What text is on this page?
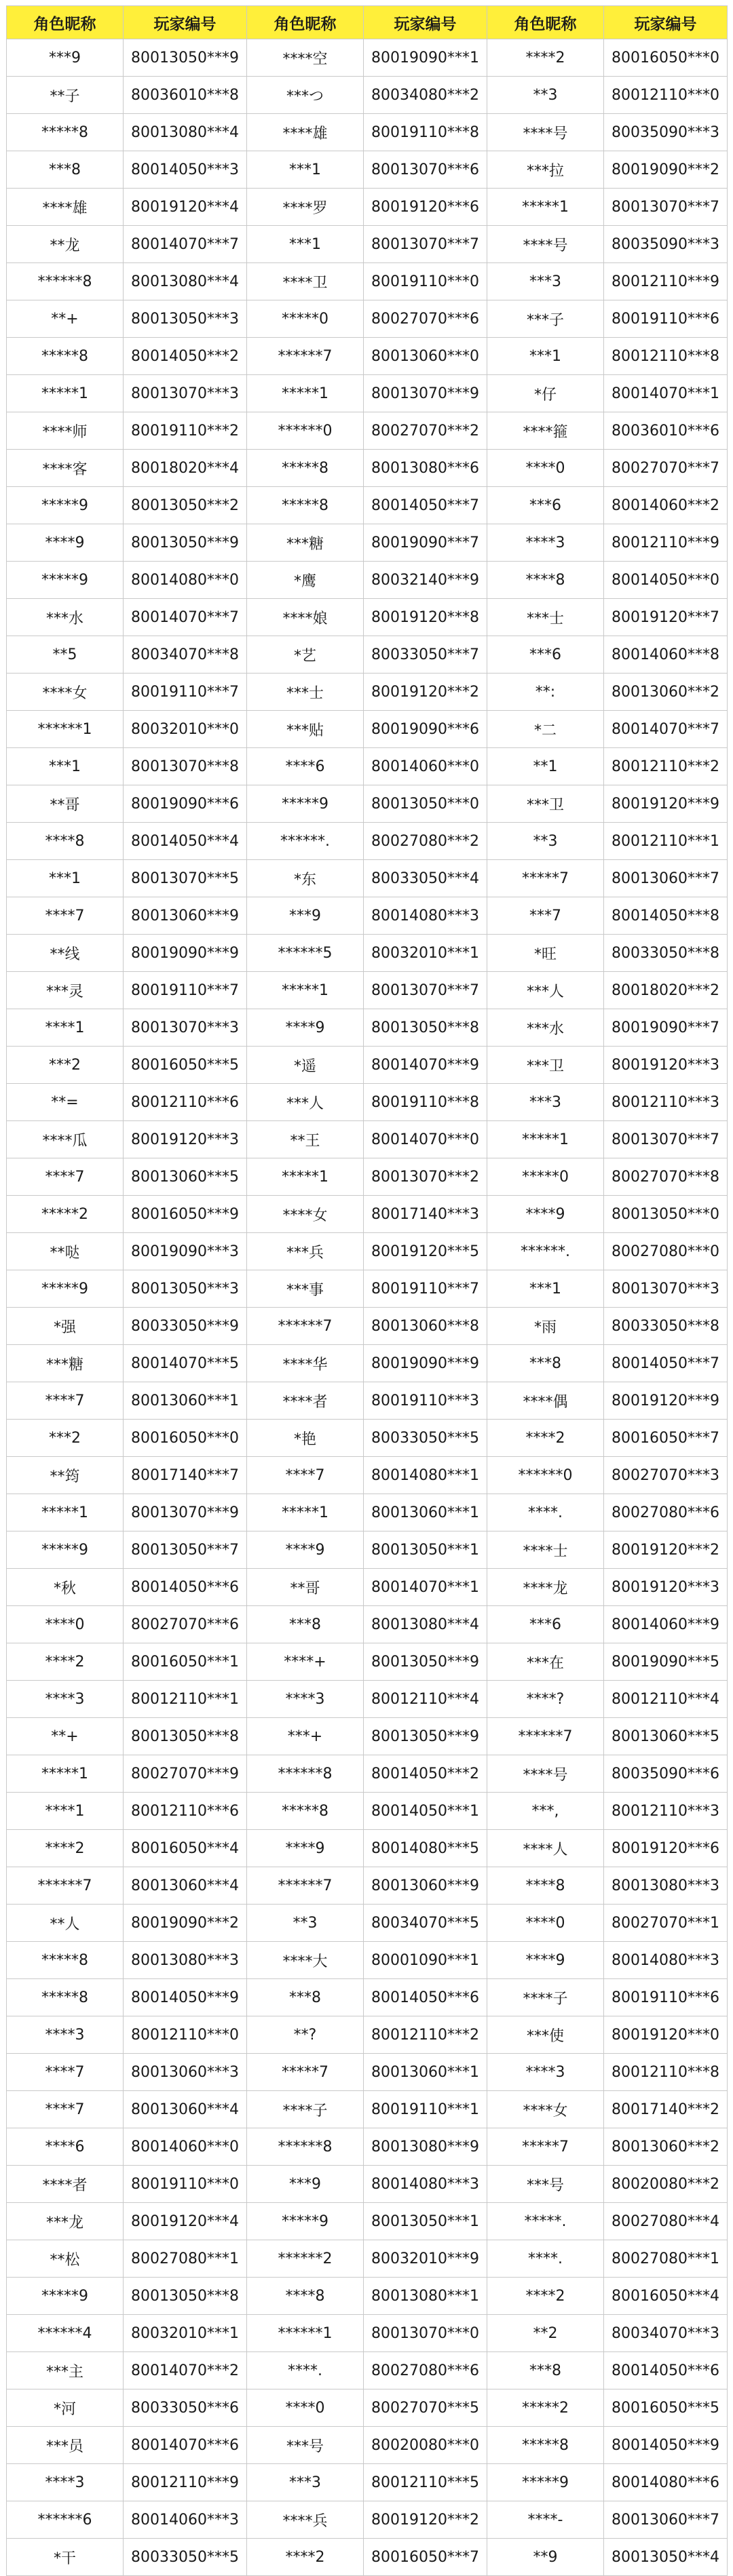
角色昵称	玩家编号	角色昵称	玩家编号	角色昵称	玩家编号
***9	80013050***9	****空	80019090***1	****2	80016050***0
**子	80036010***8	***つ	80034080***2	**3	80012110***0
*****8	80013080***4	****雄	80019110***8	****号	80035090***3
***8	80014050***3	***1	80013070***6	***拉	80019090***2
****雄	80019120***4	****罗	80019120***6	*****1	80013070***7
**龙	80014070***7	***1	80013070***7	****号	80035090***3
******8	80013080***4	****卫	80019110***0	***3	80012110***9
**+	80013050***3	*****0	80027070***6	***子	80019110***6
*****8	80014050***2	******7	80013060***0	***1	80012110***8
*****1	80013070***3	*****1	80013070***9	*仔	80014070***1
****师	80019110***2	******0	80027070***2	****箍	80036010***6
****客	80018020***4	*****8	80013080***6	****0	80027070***7
*****9	80013050***2	*****8	80014050***7	***6	80014060***2
****9	80013050***9	***糖	80019090***7	****3	80012110***9
*****9	80014080***0	*鹰	80032140***9	****8	80014050***0
***水	80014070***7	****娘	80019120***8	***士	80019120***7
**5	80034070***8	*艺	80033050***7	***6	80014060***8
****女	80019110***7	***士	80019120***2	**:	80013060***2
******1	80032010***0	***贴	80019090***6	*二	80014070***7
***1	80013070***8	****6	80014060***0	**1	80012110***2
**哥	80019090***6	*****9	80013050***0	***卫	80019120***9
****8	80014050***4	******.	80027080***2	**3	80012110***1
***1	80013070***5	*东	80033050***4	*****7	80013060***7
****7	80013060***9	***9	80014080***3	***7	80014050***8
**线	80019090***9	******5	80032010***1	*旺	80033050***8
***灵	80019110***7	*****1	80013070***7	***人	80018020***2
****1	80013070***3	****9	80013050***8	***水	80019090***7
***2	80016050***5	*遥	80014070***9	***卫	80019120***3
**=	80012110***6	***人	80019110***8	***3	80012110***3
****瓜	80019120***3	**王	80014070***0	*****1	80013070***7
****7	80013060***5	*****1	80013070***2	*****0	80027070***8
*****2	80016050***9	****女	80017140***3	****9	80013050***0
**哒	80019090***3	***兵	80019120***5	******.	80027080***0
*****9	80013050***3	***事	80019110***7	***1	80013070***3
*强	80033050***9	******7	80013060***8	*雨	80033050***8
***糖	80014070***5	****华	80019090***9	***8	80014050***7
****7	80013060***1	****者	80019110***3	****偶	80019120***9
***2	80016050***0	*艳	80033050***5	****2	80016050***7
**筠	80017140***7	****7	80014080***1	******0	80027070***3
*****1	80013070***9	*****1	80013060***1	****.	80027080***6
*****9	80013050***7	****9	80013050***1	****士	80019120***2
*秋	80014050***6	**哥	80014070***1	****龙	80019120***3
****0	80027070***6	***8	80013080***4	***6	80014060***9
****2	80016050***1	****+	80013050***9	***在	80019090***5
****3	80012110***1	****3	80012110***4	****?	80012110***4
**+	80013050***8	***+	80013050***9	******7	80013060***5
*****1	80027070***9	******8	80014050***2	****号	80035090***6
****1	80012110***6	*****8	80014050***1	***,	80012110***3
****2	80016050***4	****9	80014080***5	****人	80019120***6
******7	80013060***4	******7	80013060***9	****8	80013080***3
**人	80019090***2	**3	80034070***5	****0	80027070***1
*****8	80013080***3	****大	80001090***1	****9	80014080***3
*****8	80014050***9	***8	80014050***6	****子	80019110***6
****3	80012110***0	**?	80012110***2	***使	80019120***0
****7	80013060***3	*****7	80013060***1	****3	80012110***8
****7	80013060***4	****子	80019110***1	****女	80017140***2
****6	80014060***0	******8	80013080***9	*****7	80013060***2
****者	80019110***0	***9	80014080***3	***号	80020080***2
***龙	80019120***4	*****9	80013050***1	*****.	80027080***4
**松	80027080***1	******2	80032010***9	****.	80027080***1
*****9	80013050***8	****8	80013080***1	****2	80016050***4
******4	80032010***1	******1	80013070***0	**2	80034070***3
***主	80014070***2	****.	80027080***6	***8	80014050***6
*河	80033050***6	****0	80027070***5	*****2	80016050***5
***员	80014070***6	***号	80020080***0	*****8	80014050***9
****3	80012110***9	***3	80012110***5	*****9	80014080***6
******6	80014060***3	****兵	80019120***2	****-	80013060***7
*干	80033050***5	****2	80016050***7	**9	80013050***4
